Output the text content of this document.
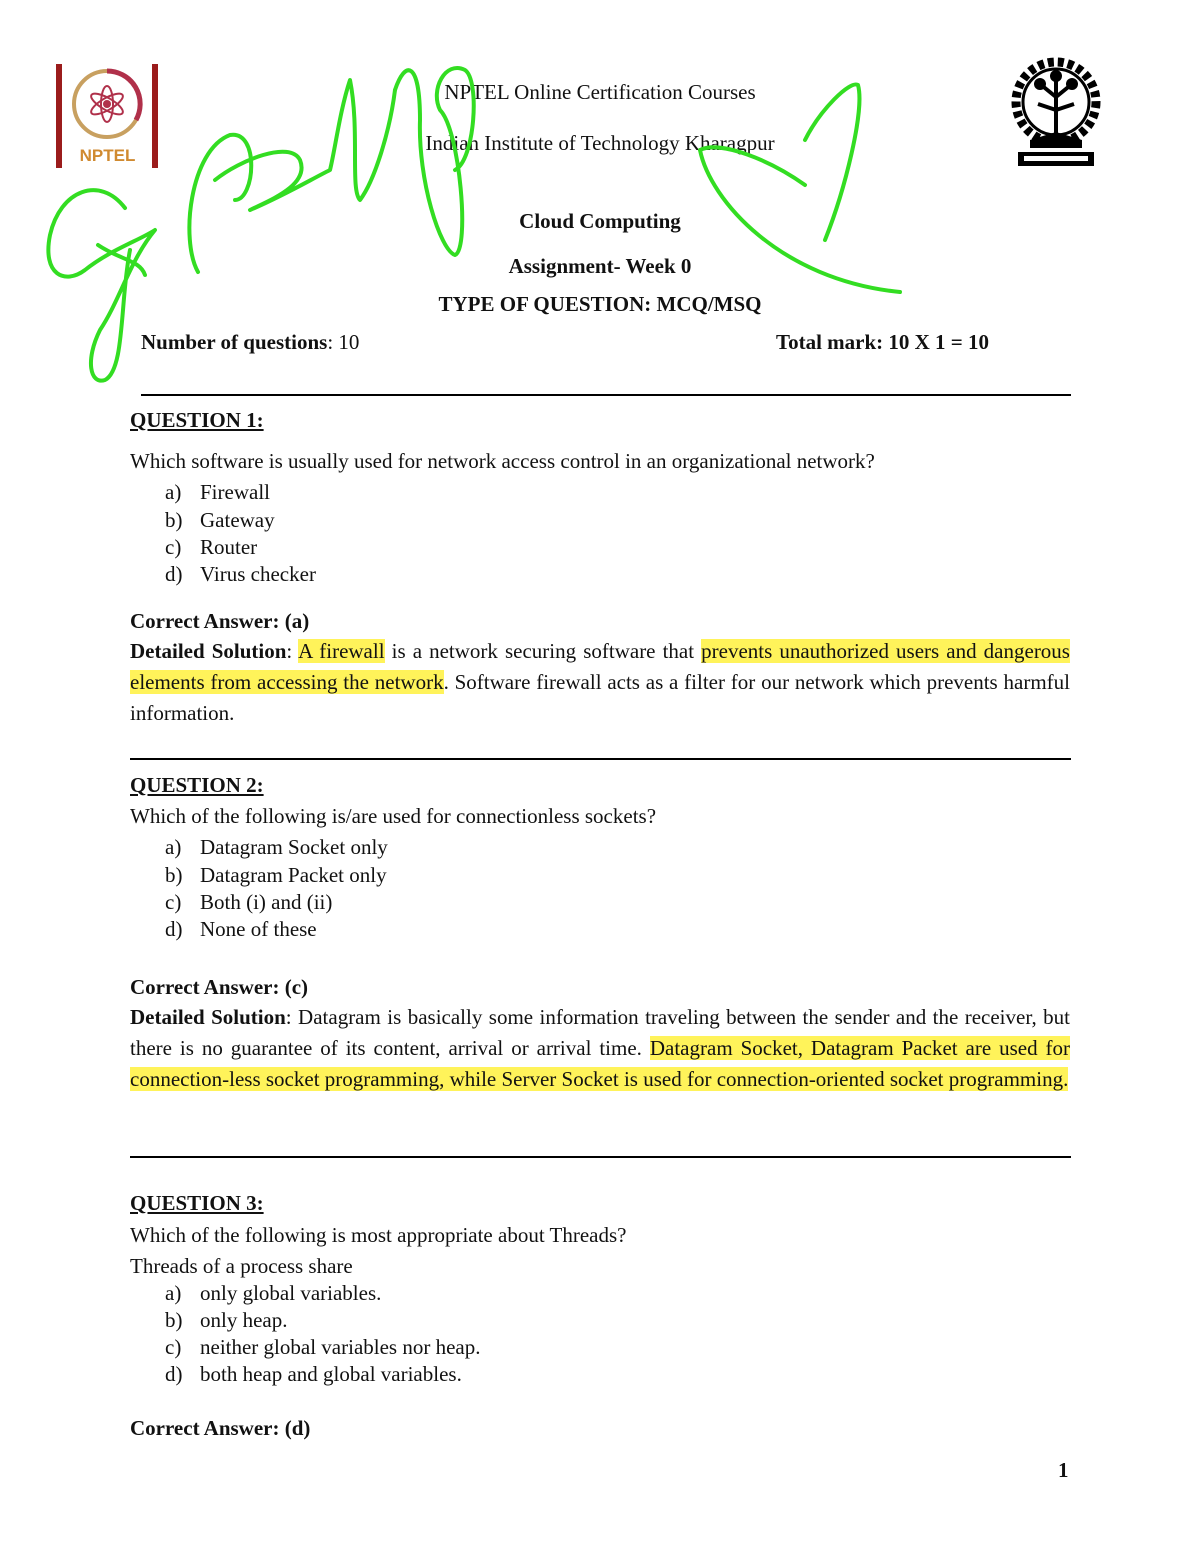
NPTEL
NPTEL Online Certification Courses
Indian Institute of Technology Kharagpur
Cloud Computing
Assignment- Week 0
TYPE OF QUESTION: MCQ/MSQ
Number of questions: 10	Total mark: 10 X 1 = 10
QUESTION 1:
Which software is usually used for network access control in an organizational network?
a) Firewall
b) Gateway
c) Router
d) Virus checker
Correct Answer: (a)
Detailed Solution: A firewall is a network securing software that prevents unauthorized users and dangerous elements from accessing the network. Software firewall acts as a filter for our network which prevents harmful information.
QUESTION 2:
Which of the following is/are used for connectionless sockets?
a) Datagram Socket only
b) Datagram Packet only
c) Both (i) and (ii)
d) None of these
Correct Answer: (c)
Detailed Solution: Datagram is basically some information traveling between the sender and the receiver, but there is no guarantee of its content, arrival or arrival time. Datagram Socket, Datagram Packet are used for connection-less socket programming, while Server Socket is used for connection-oriented socket programming.
QUESTION 3:
Which of the following is most appropriate about Threads?
Threads of a process share
a) only global variables.
b) only heap.
c) neither global variables nor heap.
d) both heap and global variables.
Correct Answer: (d)
1
